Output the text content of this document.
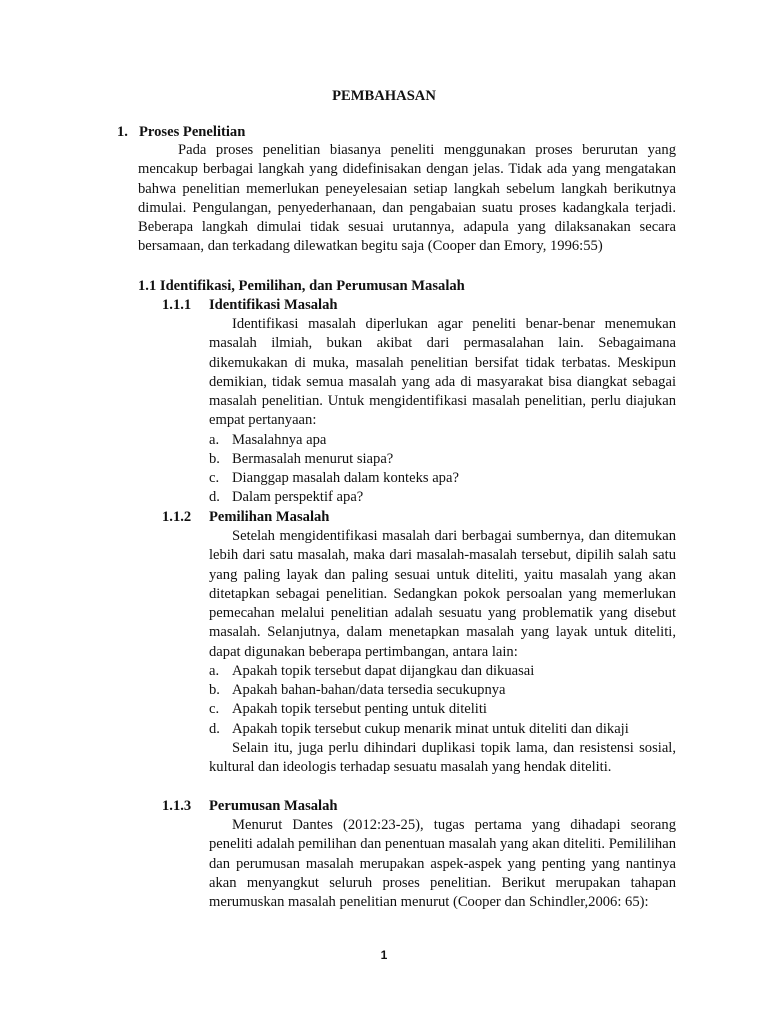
PEMBAHASAN
1. Proses Penelitian
Pada proses penelitian biasanya peneliti menggunakan proses berurutan yang mencakup berbagai langkah yang didefinisakan dengan jelas. Tidak ada yang mengatakan bahwa penelitian memerlukan peneyelesaian setiap langkah sebelum langkah berikutnya dimulai. Pengulangan, penyederhanaan, dan pengabaian suatu proses kadangkala terjadi. Beberapa langkah dimulai tidak sesuai urutannya, adapula yang dilaksanakan secara bersamaan, dan terkadang dilewatkan begitu saja (Cooper dan Emory, 1996:55)
1.1 Identifikasi, Pemilihan, dan Perumusan Masalah
1.1.1 Identifikasi Masalah
Identifikasi masalah diperlukan agar peneliti benar-benar menemukan masalah ilmiah, bukan akibat dari permasalahan lain. Sebagaimana dikemukakan di muka, masalah penelitian bersifat tidak terbatas. Meskipun demikian, tidak semua masalah yang ada di masyarakat bisa diangkat sebagai masalah penelitian. Untuk mengidentifikasi masalah penelitian, perlu diajukan empat pertanyaan:
a. Masalahnya apa
b. Bermasalah menurut siapa?
c. Dianggap masalah dalam konteks apa?
d. Dalam perspektif apa?
1.1.2 Pemilihan Masalah
Setelah mengidentifikasi masalah dari berbagai sumbernya, dan ditemukan lebih dari satu masalah, maka dari masalah-masalah tersebut, dipilih salah satu yang paling layak dan paling sesuai untuk diteliti, yaitu masalah yang akan ditetapkan sebagai penelitian. Sedangkan pokok persoalan yang memerlukan pemecahan melalui penelitian adalah sesuatu yang problematik yang disebut masalah. Selanjutnya, dalam menetapkan masalah yang layak untuk diteliti, dapat digunakan beberapa pertimbangan, antara lain:
a. Apakah topik tersebut dapat dijangkau dan dikuasai
b. Apakah bahan-bahan/data tersedia secukupnya
c. Apakah topik tersebut penting untuk diteliti
d. Apakah topik tersebut cukup menarik minat untuk diteliti dan dikaji
Selain itu, juga perlu dihindari duplikasi topik lama, dan resistensi sosial, kultural dan ideologis terhadap sesuatu masalah yang hendak diteliti.
1.1.3 Perumusan Masalah
Menurut Dantes (2012:23-25), tugas pertama yang dihadapi seorang peneliti adalah pemilihan dan penentuan masalah yang akan diteliti. Pemililihan dan perumusan masalah merupakan aspek-aspek yang penting yang nantinya akan menyangkut seluruh proses penelitian. Berikut merupakan tahapan merumuskan masalah penelitian menurut (Cooper dan Schindler,2006: 65):
1
